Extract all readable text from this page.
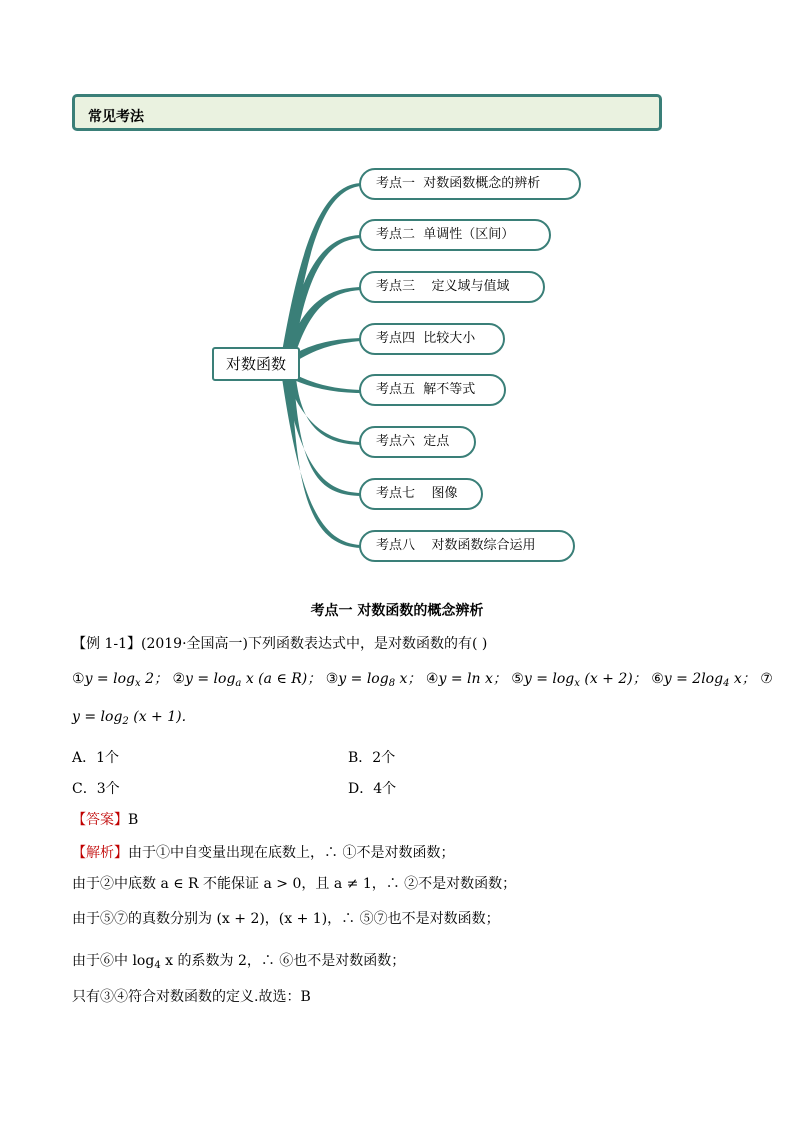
常见考法
对数函数
考点一  对数函数概念的辨析
考点二  单调性（区间）
考点三    定义域与值域
考点四  比较大小
考点五  解不等式
考点六  定点
考点七    图像
考点八    对数函数综合运用
考点一 对数函数的概念辨析
【例 1-1】(2019·全国高一)下列函数表达式中，是对数函数的有( )
①y = $\log_x 2$； ②y = $\log_a x$ (a ∈ R)； ③y = $\log_8 x$； ④y = ln x； ⑤y = $\log_x (x + 2)$； ⑥y = $2\log_4$ x； ⑦
$y = \log_2 (x + 1)$.
A．1个	B．2个
C．3个	D．4个
【答案】B
【解析】由于①中自变量出现在底数上，∴ ①不是对数函数；
由于②中底数 a ∈ R 不能保证 a > 0，且 a ≠ 1，∴ ②不是对数函数；
由于⑤⑦的真数分别为 (x + 2)，(x + 1)，∴ ⑤⑦也不是对数函数；
由于⑥中 $\log_4 x$ 的系数为 2，∴ ⑥也不是对数函数；
只有③④符合对数函数的定义.故选：B
